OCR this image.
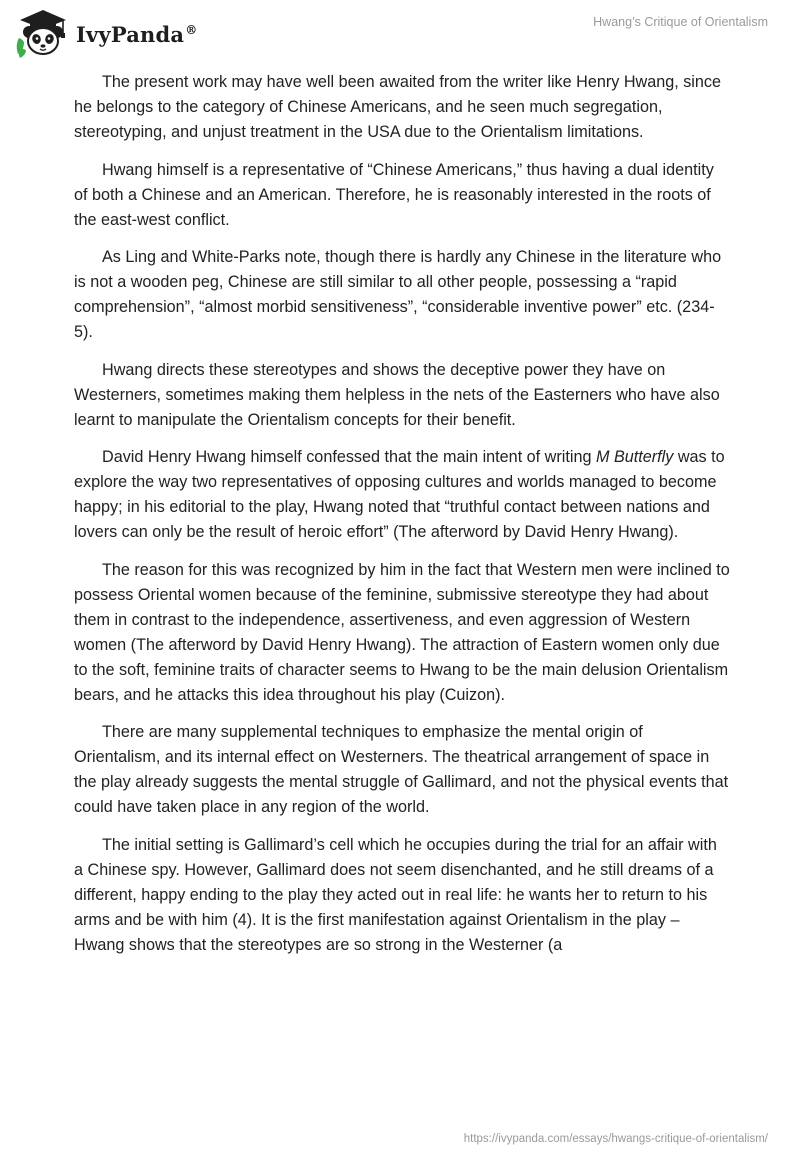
IvyPanda®
Hwang’s Critique of Orientalism

The present work may have well been awaited from the writer like Henry Hwang, since he belongs to the category of Chinese Americans, and he seen much segregation, stereotyping, and unjust treatment in the USA due to the Orientalism limitations.

Hwang himself is a representative of “Chinese Americans,” thus having a dual identity of both a Chinese and an American. Therefore, he is reasonably interested in the roots of the east-west conflict.

As Ling and White-Parks note, though there is hardly any Chinese in the literature who is not a wooden peg, Chinese are still similar to all other people, possessing a “rapid comprehension”, “almost morbid sensitiveness”, “considerable inventive power” etc. (234-5).

Hwang directs these stereotypes and shows the deceptive power they have on Westerners, sometimes making them helpless in the nets of the Easterners who have also learnt to manipulate the Orientalism concepts for their benefit.

David Henry Hwang himself confessed that the main intent of writing M Butterfly was to explore the way two representatives of opposing cultures and worlds managed to become happy; in his editorial to the play, Hwang noted that “truthful contact between nations and lovers can only be the result of heroic effort” (The afterword by David Henry Hwang).

The reason for this was recognized by him in the fact that Western men were inclined to possess Oriental women because of the feminine, submissive stereotype they had about them in contrast to the independence, assertiveness, and even aggression of Western women (The afterword by David Henry Hwang). The attraction of Eastern women only due to the soft, feminine traits of character seems to Hwang to be the main delusion Orientalism bears, and he attacks this idea throughout his play (Cuizon).

There are many supplemental techniques to emphasize the mental origin of Orientalism, and its internal effect on Westerners. The theatrical arrangement of space in the play already suggests the mental struggle of Gallimard, and not the physical events that could have taken place in any region of the world.

The initial setting is Gallimard’s cell which he occupies during the trial for an affair with a Chinese spy. However, Gallimard does not seem disenchanted, and he still dreams of a different, happy ending to the play they acted out in real life: he wants her to return to his arms and be with him (4). It is the first manifestation against Orientalism in the play – Hwang shows that the stereotypes are so strong in the Westerner (a

https://ivypanda.com/essays/hwangs-critique-of-orientalism/
